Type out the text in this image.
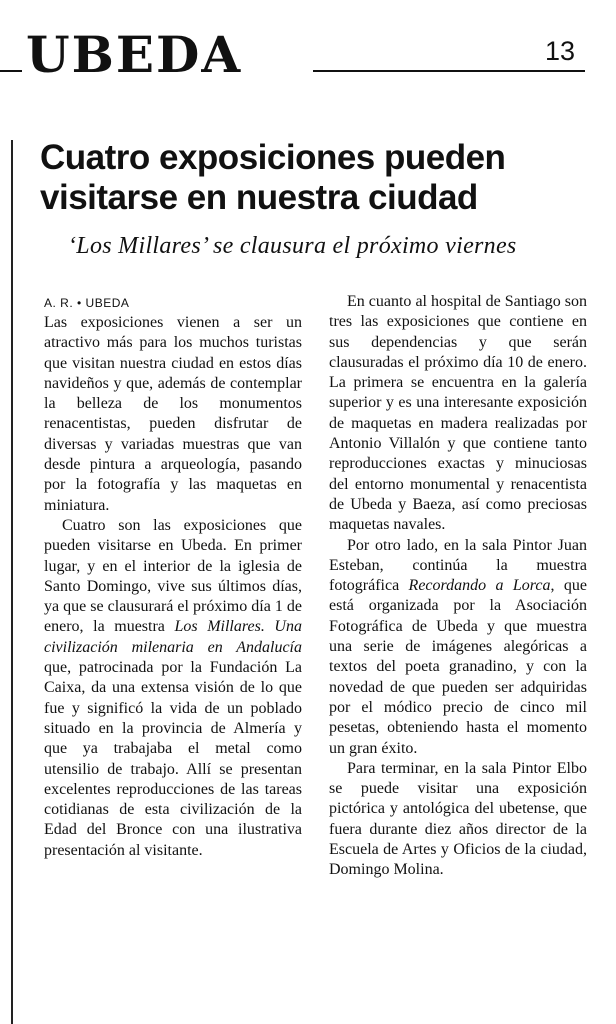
UBEDA	13
Cuatro exposiciones pueden visitarse en nuestra ciudad
‘Los Millares’ se clausura el próximo viernes
A. R. • UBEDA

Las exposiciones vienen a ser un atractivo más para los muchos turistas que visitan nuestra ciudad en estos días navideños y que, además de contemplar la belleza de los monumentos renacentistas, pueden disfrutar de diversas y variadas muestras que van desde pintura a arqueología, pasando por la fotografía y las maquetas en miniatura.

Cuatro son las exposiciones que pueden visitarse en Ubeda. En primer lugar, y en el interior de la iglesia de Santo Domingo, vive sus últimos días, ya que se clausurará el próximo día 1 de enero, la muestra Los Millares. Una civilización milenaria en Andalucía que, patrocinada por la Fundación La Caixa, da una extensa visión de lo que fue y significó la vida de un poblado situado en la provincia de Almería y que ya trabajaba el metal como utensilio de trabajo. Allí se presentan excelentes reproducciones de las tareas cotidianas de esta civilización de la Edad del Bronce con una ilustrativa presentación al visitante.

En cuanto al hospital de Santiago son tres las exposiciones que contiene en sus dependencias y que serán clausuradas el próximo día 10 de enero. La primera se encuentra en la galería superior y es una interesante exposición de maquetas en madera realizadas por Antonio Villalón y que contiene tanto reproducciones exactas y minuciosas del entorno monumental y renacentista de Ubeda y Baeza, así como preciosas maquetas navales.

Por otro lado, en la sala Pintor Juan Esteban, continúa la muestra fotográfica Recordando a Lorca, que está organizada por la Asociación Fotográfica de Ubeda y que muestra una serie de imágenes alegóricas a textos del poeta granadino, y con la novedad de que pueden ser adquiridas por el módico precio de cinco mil pesetas, obteniendo hasta el momento un gran éxito.

Para terminar, en la sala Pintor Elbo se puede visitar una exposición pictórica y antológica del ubetense, que fuera durante diez años director de la Escuela de Artes y Oficios de la ciudad, Domingo Molina.
